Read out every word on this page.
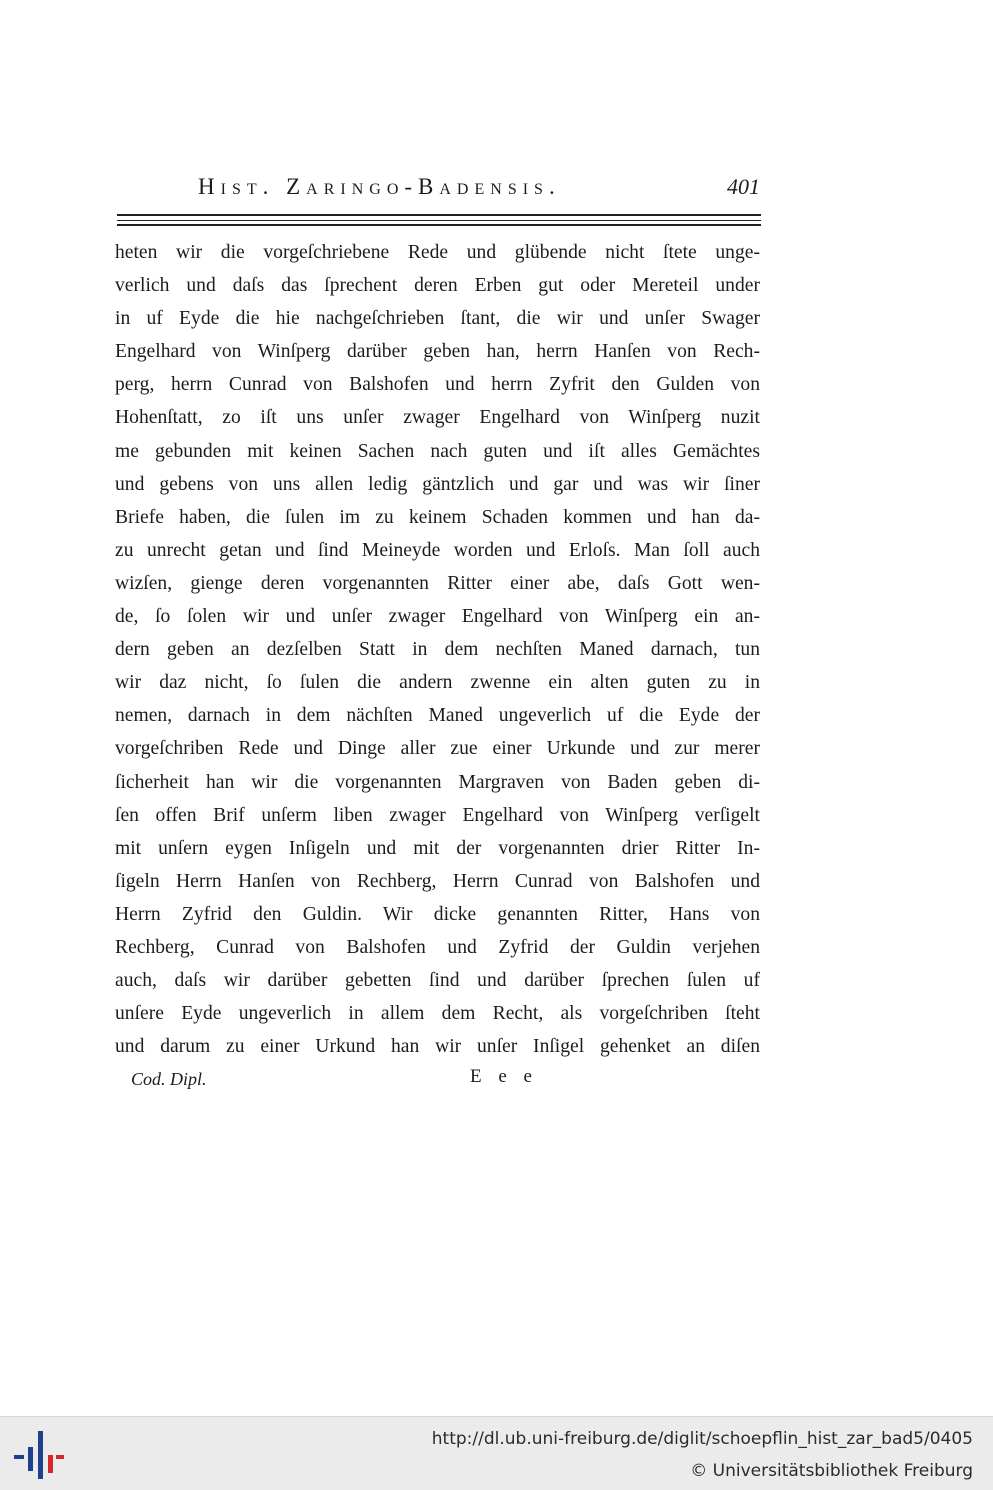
Hist. Zaringo-Badensis.	401
heten wir die vorgeſchriebene Rede und glübende nicht ſtete unge-
verlich und daſs das ſprechent deren Erben gut oder Mereteil under
in uf Eyde die hie nachgeſchrieben ſtant, die wir und unſer Swager
Engelhard von Winſperg darüber geben han, herrn Hanſen von Rech-
perg, herrn Cunrad von Balshofen und herrn Zyfrit den Gulden von
Hohenſtatt, zo iſt uns unſer zwager Engelhard von Winſperg nuzit
me gebunden mit keinen Sachen nach guten und iſt alles Gemächtes
und gebens von uns allen ledig gäntzlich und gar und was wir ſiner
Briefe haben, die ſulen im zu keinem Schaden kommen und han da-
zu unrecht getan und ſind Meineyde worden und Erloſs. Man ſoll auch
wizſen, gienge deren vorgenannten Ritter einer abe, daſs Gott wen-
de, ſo ſolen wir und unſer zwager Engelhard von Winſperg ein an-
dern geben an dezſelben Statt in dem nechſten Maned darnach, tun
wir daz nicht, ſo ſulen die andern zwenne ein alten guten zu in
nemen, darnach in dem nächſten Maned ungeverlich uf die Eyde der
vorgeſchriben Rede und Dinge aller zue einer Urkunde und zur merer
ſicherheit han wir die vorgenannten Margraven von Baden geben di-
ſen offen Brif unſerm liben zwager Engelhard von Winſperg verſigelt
mit unſern eygen Inſigeln und mit der vorgenannten drier Ritter In-
ſigeln Herrn Hanſen von Rechberg, Herrn Cunrad von Balshofen und
Herrn Zyfrid den Guldin. Wir dicke genannten Ritter, Hans von
Rechberg, Cunrad von Balshofen und Zyfrid der Guldin verjehen
auch, daſs wir darüber gebetten ſind und darüber ſprechen ſulen uf
unſere Eyde ungeverlich in allem dem Recht, als vorgeſchriben ſteht
und darum zu einer Urkund han wir unſer Inſigel gehenket an diſen
Cod. Dipl.	E e e
http://dl.ub.uni-freiburg.de/diglit/schoepflin_hist_zar_bad5/0405
© Universitätsbibliothek Freiburg
